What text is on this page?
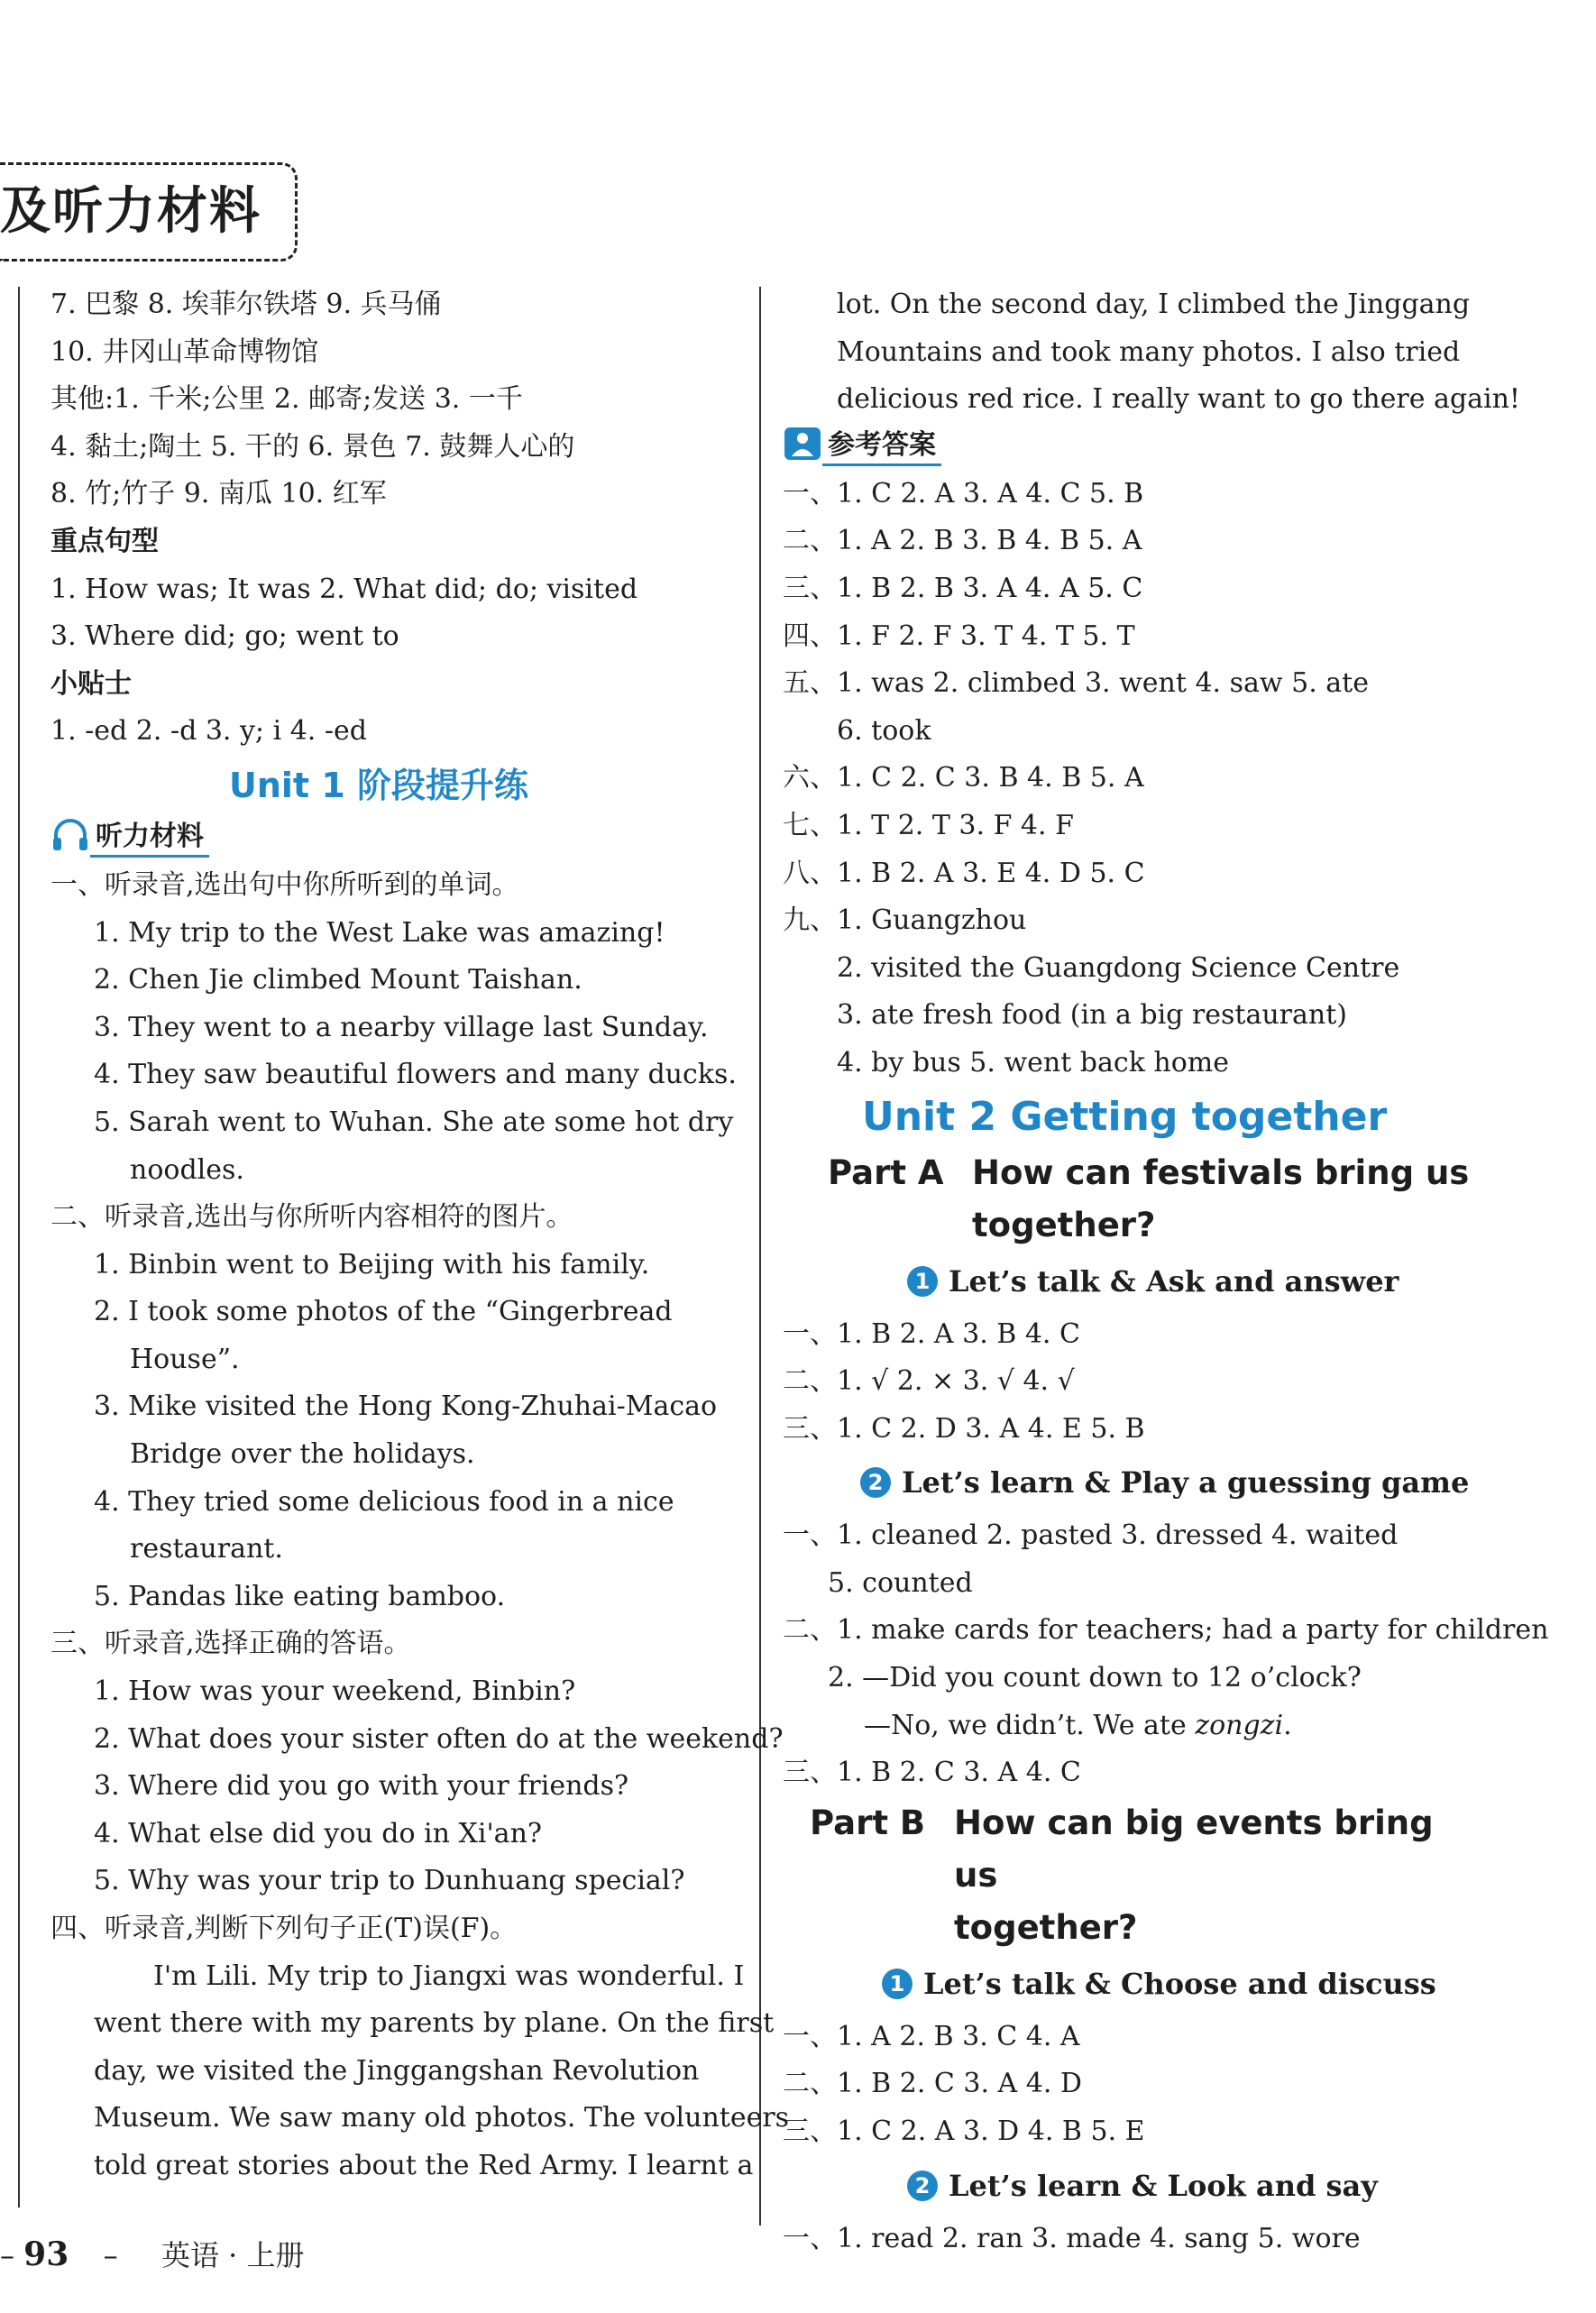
及听力材料
7. 巴黎 8. 埃菲尔铁塔 9. 兵马俑
10. 井冈山革命博物馆
其他:1. 千米;公里 2. 邮寄;发送 3. 一千
4. 黏土;陶土 5. 干的 6. 景色 7. 鼓舞人心的
8. 竹;竹子 9. 南瓜 10. 红军
重点句型
1. How was; It was 2. What did; do; visited
3. Where did; go; went to
小贴士
1. -ed 2. -d 3. y; i 4. -ed
Unit 1 阶段提升练
听力材料
一、听录音,选出句中你所听到的单词。
1. My trip to the West Lake was amazing!
2. Chen Jie climbed Mount Taishan.
3. They went to a nearby village last Sunday.
4. They saw beautiful flowers and many ducks.
5. Sarah went to Wuhan. She ate some hot dry
noodles.
二、听录音,选出与你所听内容相符的图片。
1. Binbin went to Beijing with his family.
2. I took some photos of the “Gingerbread
House”.
3. Mike visited the Hong Kong-Zhuhai-Macao
Bridge over the holidays.
4. They tried some delicious food in a nice
restaurant.
5. Pandas like eating bamboo.
三、听录音,选择正确的答语。
1. How was your weekend, Binbin?
2. What does your sister often do at the weekend?
3. Where did you go with your friends?
4. What else did you do in Xi'an?
5. Why was your trip to Dunhuang special?
四、听录音,判断下列句子正(T)误(F)。
I'm Lili. My trip to Jiangxi was wonderful. I
went there with my parents by plane. On the first
day, we visited the Jinggangshan Revolution
Museum. We saw many old photos. The volunteers
told great stories about the Red Army. I learnt a
lot. On the second day, I climbed the Jinggang
Mountains and took many photos. I also tried
delicious red rice. I really want to go there again!
参考答案
一、1. C 2. A 3. A 4. C 5. B
二、1. A 2. B 3. B 4. B 5. A
三、1. B 2. B 3. A 4. A 5. C
四、1. F 2. F 3. T 4. T 5. T
五、1. was 2. climbed 3. went 4. saw 5. ate
6. took
六、1. C 2. C 3. B 4. B 5. A
七、1. T 2. T 3. F 4. F
八、1. B 2. A 3. E 4. D 5. C
九、1. Guangzhou
2. visited the Guangdong Science Centre
3. ate fresh food (in a big restaurant)
4. by bus 5. went back home
Unit 2 Getting together
Part A How can festivals bring us
together?
1 Let’s talk & Ask and answer
一、1. B 2. A 3. B 4. C
二、1. √ 2. × 3. √ 4. √
三、1. C 2. D 3. A 4. E 5. B
2 Let’s learn & Play a guessing game
一、1. cleaned 2. pasted 3. dressed 4. waited
5. counted
二、1. make cards for teachers; had a party for children
2. —Did you count down to 12 o’clock?
—No, we didn’t. We ate zongzi.
三、1. B 2. C 3. A 4. C
Part B How can big events bring us
together?
1 Let’s talk & Choose and discuss
一、1. A 2. B 3. C 4. A
二、1. B 2. C 3. A 4. D
三、1. C 2. A 3. D 4. B 5. E
2 Let’s learn & Look and say
一、1. read 2. ran 3. made 4. sang 5. wore
– 93 – 英语 · 上册
